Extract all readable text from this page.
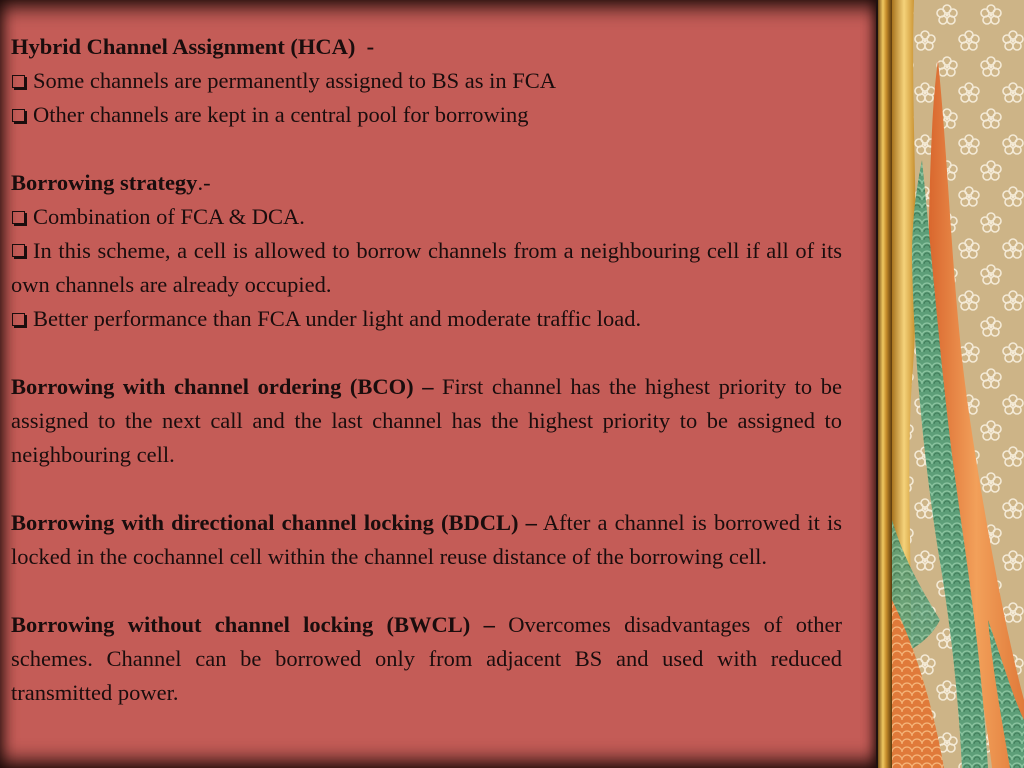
Hybrid Channel Assignment (HCA)  -
Some channels are permanently assigned to BS as in FCA
Other channels are kept in a central pool for borrowing
Borrowing strategy.-
Combination of FCA & DCA.
In this scheme, a cell is allowed to borrow channels from a neighbouring cell if all of its own channels are already occupied.
Better performance than FCA under light and moderate traffic load.
Borrowing with channel ordering (BCO) – First channel has the highest priority to be assigned to the next call and the last channel has the highest priority to be assigned to neighbouring cell.
Borrowing with directional channel locking (BDCL) – After a channel is borrowed it is locked in the cochannel cell within the channel reuse distance of the borrowing cell.
Borrowing without channel locking (BWCL) – Overcomes disadvantages of other schemes. Channel can be borrowed only from adjacent BS and used with reduced transmitted power.
